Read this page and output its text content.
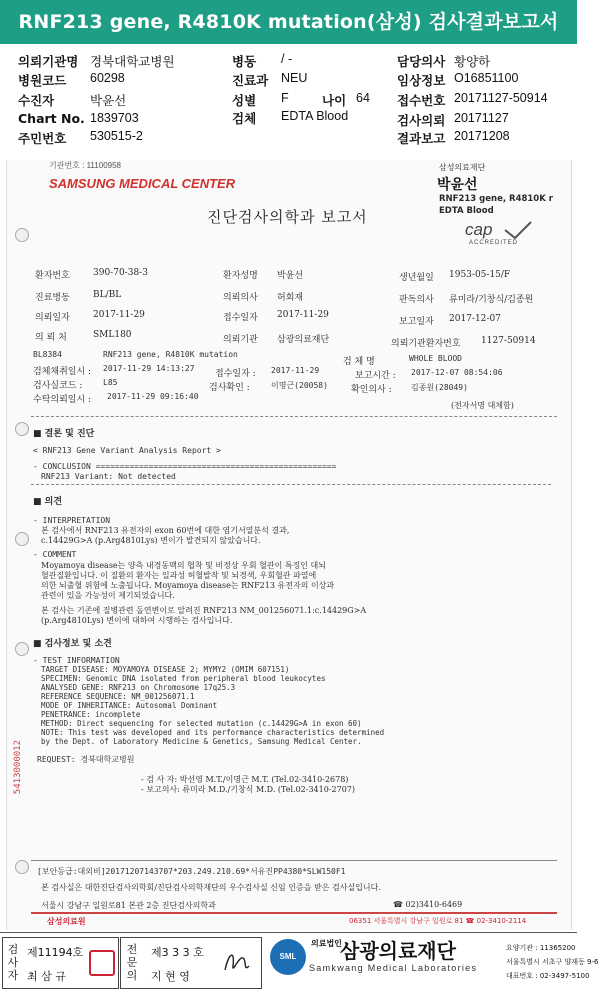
RNF213 gene, R4810K mutation(삼성) 검사결과보고서
의뢰기관명 경북대학교병원
병원코드 60298
수진자	박윤선
Chart No. 1839703
주민번호 530515-2
병동 / -
진료과 NEU
성별 F	나이 64
검체 EDTA Blood
담당의사 황양하
임상정보 O16851100
접수번호 20171127-50914
검사의뢰 20171127
결과보고 20171208
기관번호 : 11100958
SAMSUNG MEDICAL CENTER
삼성의료재단
박윤선
RNF213 gene, R4810K r
EDTA Blood
cap
ACCREDITED
진단검사의학과 보고서
환자번호	390-70-38-3	환자성명 박윤선	생년월일 1953-05-15/F
진료병동	BL/BL	의뢰의사 허회재	판독의사 류미라/기창식/김종원
의뢰일자	2017-11-29	접수일자 2017-11-29
보고일자 2017-12-07
의 뢰 처	SML180	의뢰기관 삼광의료재단	의뢰기관환자번호 1127-50914
BL8384	RNF213 gene, R4810K mutation
검 체 명	WHOLE BLOOD
검체채취일시 : 2017-11-29 14:13:27
접수일자 : 2017-11-29
보고시간 : 2017-12-07 08:54:06
검사실코드 :	L85
검사확인 :	이명근(20058)	확인의사 : 김종원(28049)
수탁의뢰일시 : 2017-11-29 09:16:40
(전자서명 대체함)
■ 결론 및 진단
< RNF213 Gene Variant Analysis Report >
- CONCLUSION ==================================================
RNF213 Variant: Not detected
■ 의견
- INTERPRETATION
본 검사에서 RNF213 유전자의 exon 60번에 대한 염기서열분석 결과,
c.14429G>A (p.Arg4810Lys) 변이가 발견되지 않았습니다.
- COMMENT
Moyamoya disease는 양측 내경동맥의 협착 및 비정상 우회 혈관이 특징인 대뇌
혈관질환입니다. 이 질환의 환자는 일과성 허혈발작 및 뇌경색, 우회혈관 파열에
의한 뇌출혈 위험에 노출됩니다. Moyamoya disease는 RNF213 유전자의 이상과
관련이 있을 가능성이 제기되었습니다.
본 검사는 기존에 질병관련 돌연변이로 알려진 RNF213 NM_001256071.1:c.14429G>A
(p.Arg4810Lys) 변이에 대하여 시행하는 검사입니다.
■ 검사정보 및 소견
- TEST INFORMATION
TARGET DISEASE: MOYAMOYA DISEASE 2; MYMY2 (OMIM 607151)
SPECIMEN: Genomic DNA isolated from peripheral blood leukocytes
ANALYSED GENE: RNF213 on Chromosome 17q25.3
REFERENCE SEQUENCE: NM_001256071.1
MODE OF INHERITANCE: Autosomal Dominant
PENETRANCE: incomplete
METHOD: Direct sequencing for selected mutation (c.14429G>A in exon 60)
NOTE: This test was developed and its performance characteristics determined
by the Dept. of Laboratory Medicine & Genetics, Samsung Medical Center.
REQUEST: 경북대학교병원
- 검 사 자: 박선영 M.T./이명근 M.T. (Tel.02-3410-2678)
- 보고의사: 류미라 M.D./기창식 M.D. (Tel.02-3410-2707)
5413000012
[보안등급:대외비]20171207143707*203.249.210.69*서유진PP4380*SLW150F1
본 검사실은 대한진단검사의학회/진단검사의학재단의 우수검사실 신임 인증을 받은 검사실입니다.
서울시 강남구 일원로81 본관 2층 진단검사의학과	☎ 02)3410-6469
삼성의료원	06351 서울특별시 강남구 일원로 81 ☎ 02-3410-2114
검사자
제11194호
최 삼 규
전문의
제3 3 3 호
지 현 영
SML
의료법인
삼광의료재단
Samkwang Medical Laboratories
요양기관 : 11365200
서울특별시 서초구 양재동 9-6
대표번호 : 02-3497-5100
